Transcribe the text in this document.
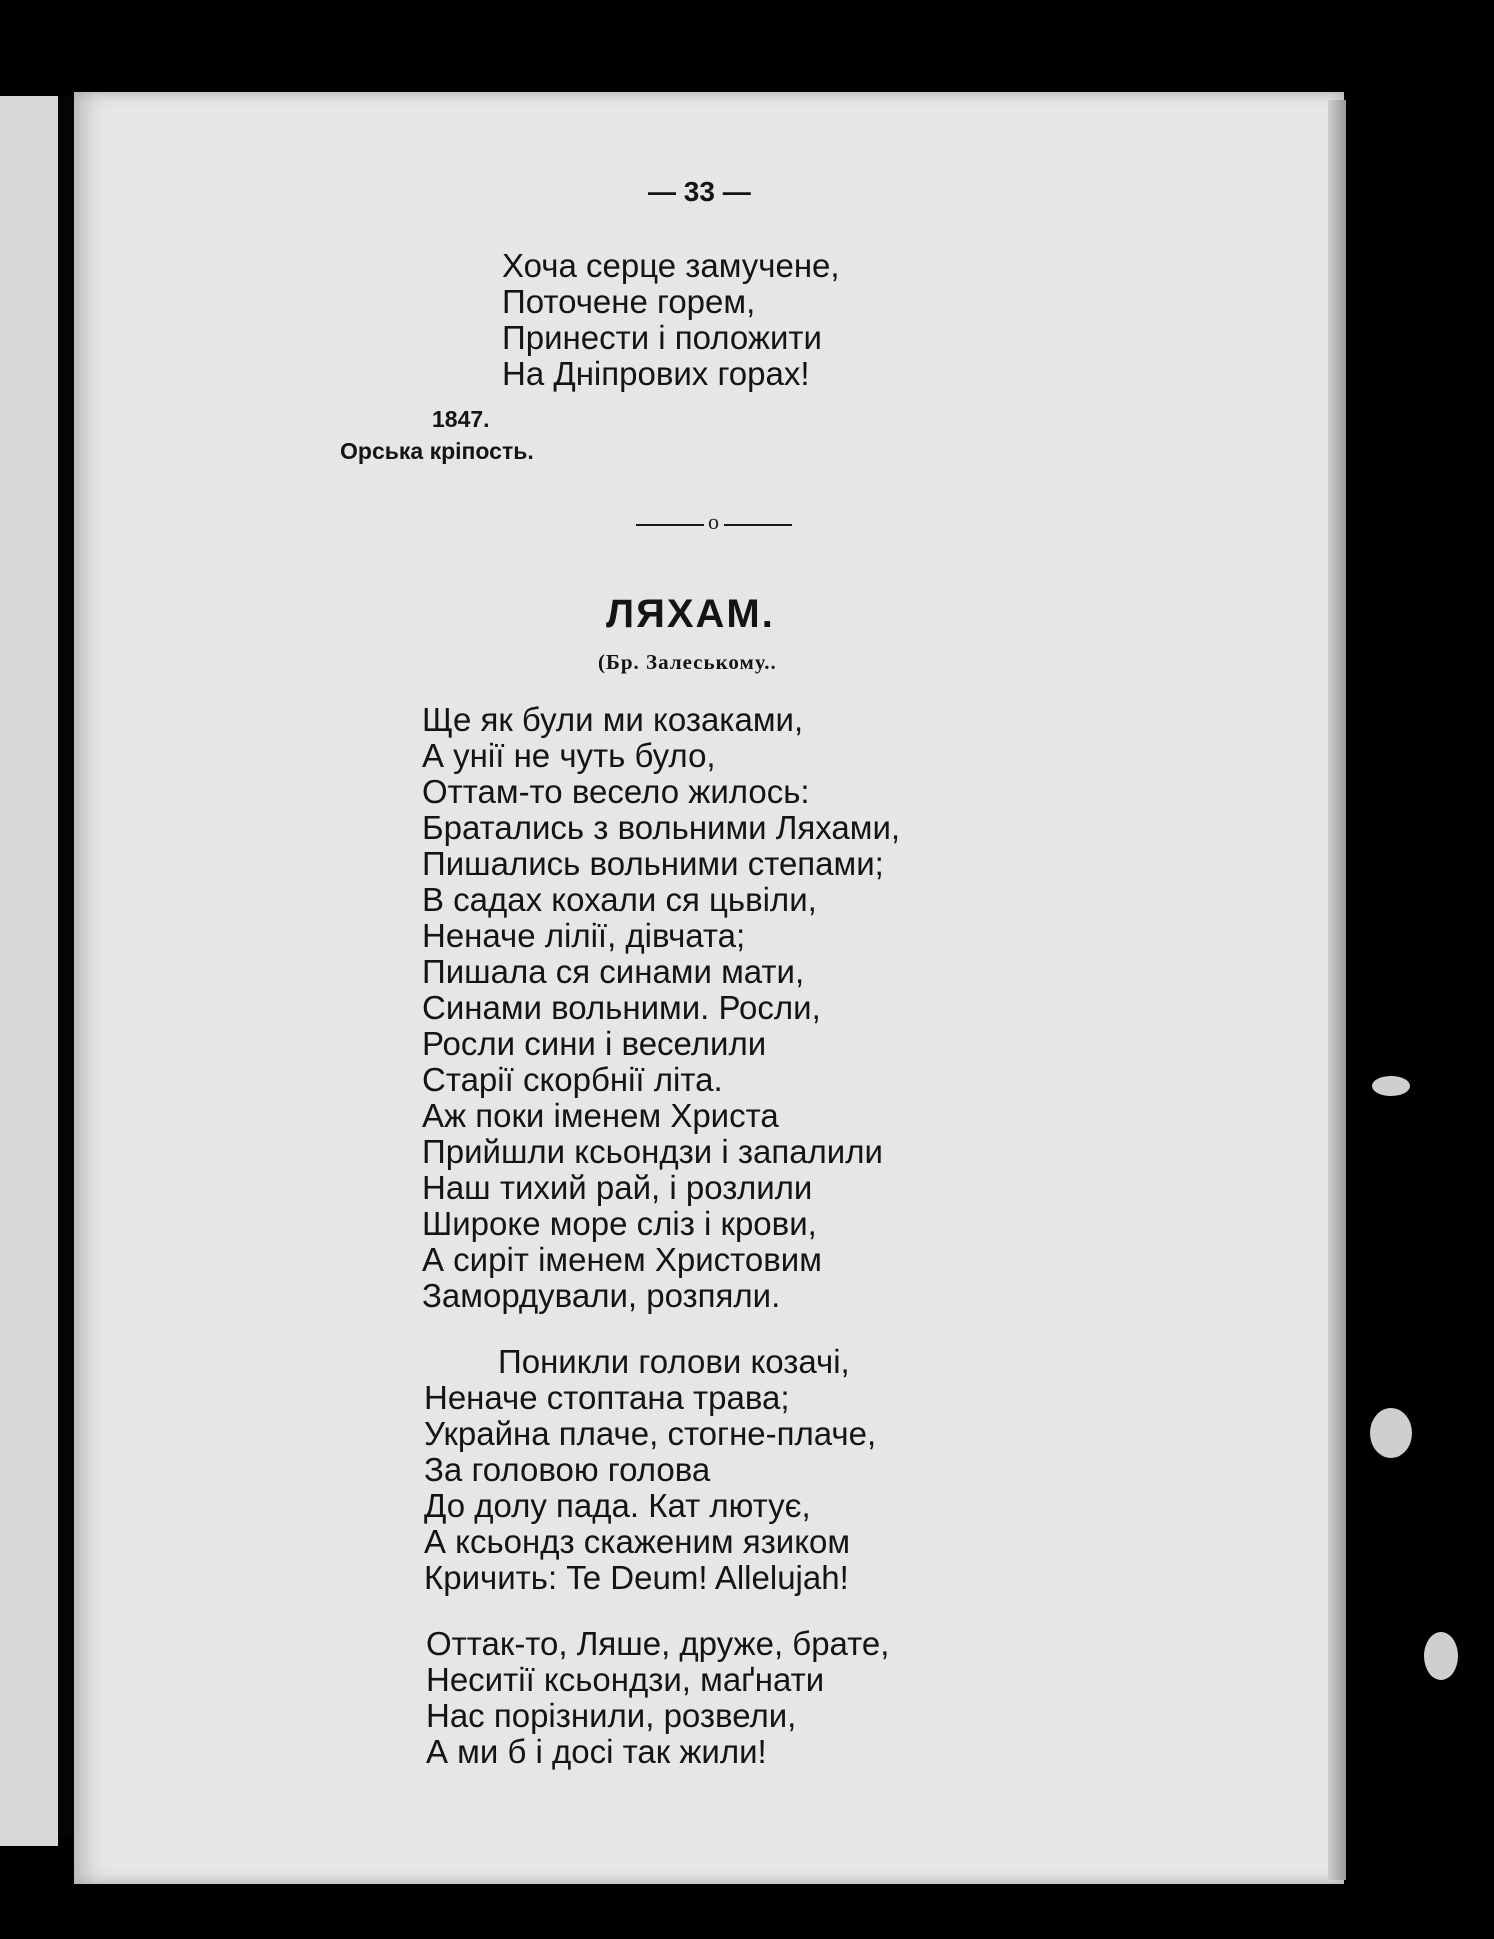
— 33 —

Хоча серце замучене,

Поточене горем,

Принести і положити

На Дніпрових горах!

1847.

Орська кріпость.

o

ЛЯХАМ.

(Бр. Залеському..

Ще як були ми козаками,

А унії не чуть було,

Оттам-то весело жилось:

Братались з вольними Ляхами,

Пишались вольними степами;

В садах кохали ся цьвіли,

Неначе лілії, дівчата;

Пишала ся синами мати,

Синами вольними. Росли,

Росли сини і веселили

Старії скорбнії літа.

Аж поки іменем Христа

Прийшли ксьондзи і запалили

Наш тихий рай, і розлили

Широке море сліз і крови,

А сиріт іменем Христовим

Замордували, розпяли.

Поникли голови козачі,

Неначе стоптана трава;

Украйна плаче, стогне-плаче,

За головою голова

До долу пада. Кат лютує,

А ксьондз скаженим язиком

Кричить: Te Deum! Allelujah!

Оттак-то, Ляше, друже, брате,

Неситії ксьондзи, маґнати

Нас порізнили, розвели,

А ми б і досі так жили!
